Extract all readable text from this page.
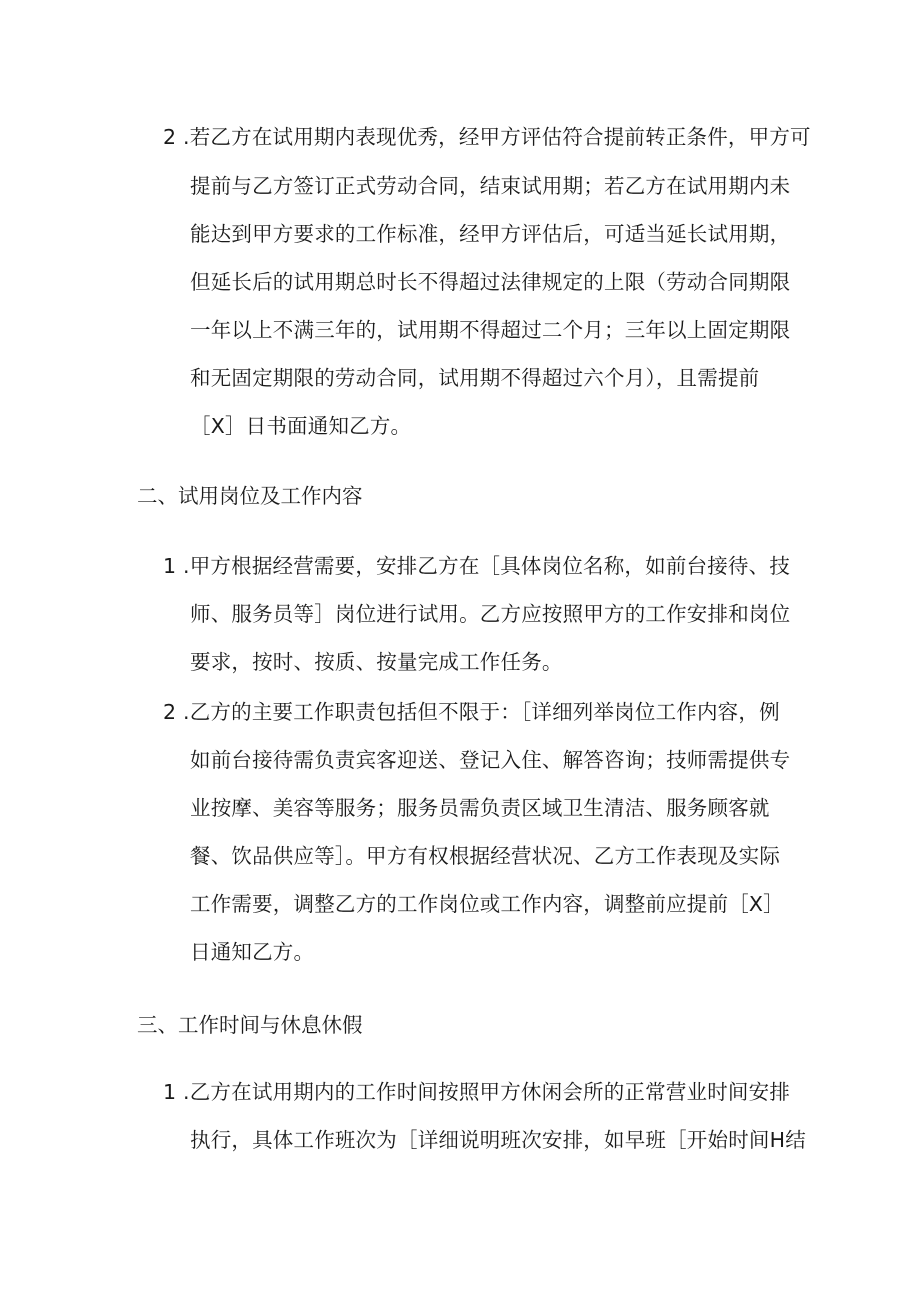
2 .若乙方在试用期内表现优秀，经甲方评估符合提前转正条件，甲方可
提前与乙方签订正式劳动合同，结束试用期；若乙方在试用期内未
能达到甲方要求的工作标准，经甲方评估后，可适当延长试用期，
但延长后的试用期总时长不得超过法律规定的上限（劳动合同期限
一年以上不满三年的，试用期不得超过二个月；三年以上固定期限
和无固定期限的劳动合同，试用期不得超过六个月），且需提前
［X］日书面通知乙方。
二、试用岗位及工作内容
1 .甲方根据经营需要，安排乙方在［具体岗位名称，如前台接待、技
师、服务员等］岗位进行试用。乙方应按照甲方的工作安排和岗位
要求，按时、按质、按量完成工作任务。
2 .乙方的主要工作职责包括但不限于：［详细列举岗位工作内容，例
如前台接待需负责宾客迎送、登记入住、解答咨询；技师需提供专
业按摩、美容等服务；服务员需负责区域卫生清洁、服务顾客就
餐、饮品供应等］。甲方有权根据经营状况、乙方工作表现及实际
工作需要，调整乙方的工作岗位或工作内容，调整前应提前［X］
日通知乙方。
三、工作时间与休息休假
1 .乙方在试用期内的工作时间按照甲方休闲会所的正常营业时间安排
执行，具体工作班次为［详细说明班次安排，如早班［开始时间H结
